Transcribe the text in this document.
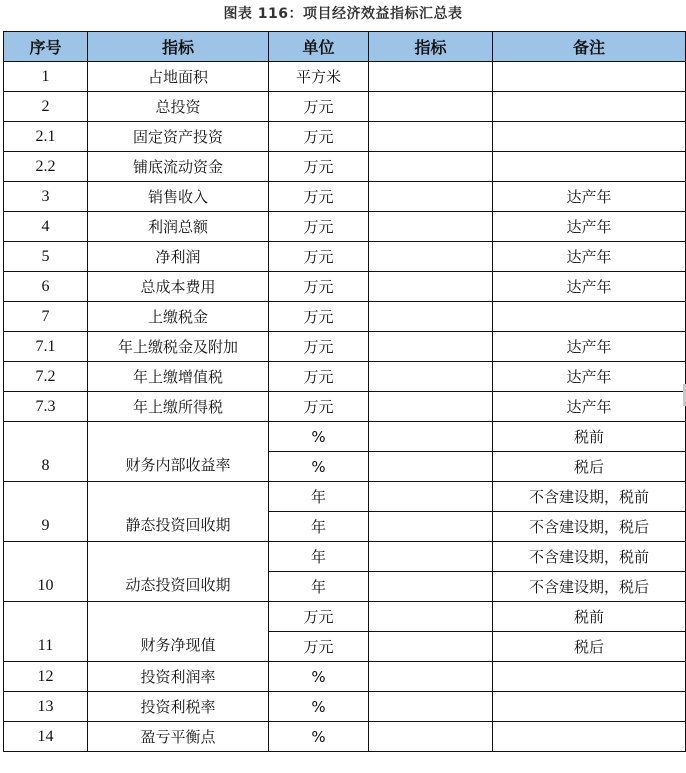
图表 116：项目经济效益指标汇总表
序号	指标	单位	指标	备注
1	占地面积	平方米		
2	总投资	万元		
2.1	固定资产投资	万元		
2.2	铺底流动资金	万元		
3	销售收入	万元		达产年
4	利润总额	万元		达产年
5	净利润	万元		达产年
6	总成本费用	万元		达产年
7	上缴税金	万元		
7.1	年上缴税金及附加	万元		达产年
7.2	年上缴增值税	万元		达产年
7.3	年上缴所得税	万元		达产年
8	财务内部收益率	%		税前
		%		税后
9	静态投资回收期	年		不含建设期，税前
		年		不含建设期，税后
10	动态投资回收期	年		不含建设期，税前
		年		不含建设期，税后
11	财务净现值	万元		税前
		万元		税后
12	投资利润率	%		
13	投资利税率	%		
14	盈亏平衡点	%		
